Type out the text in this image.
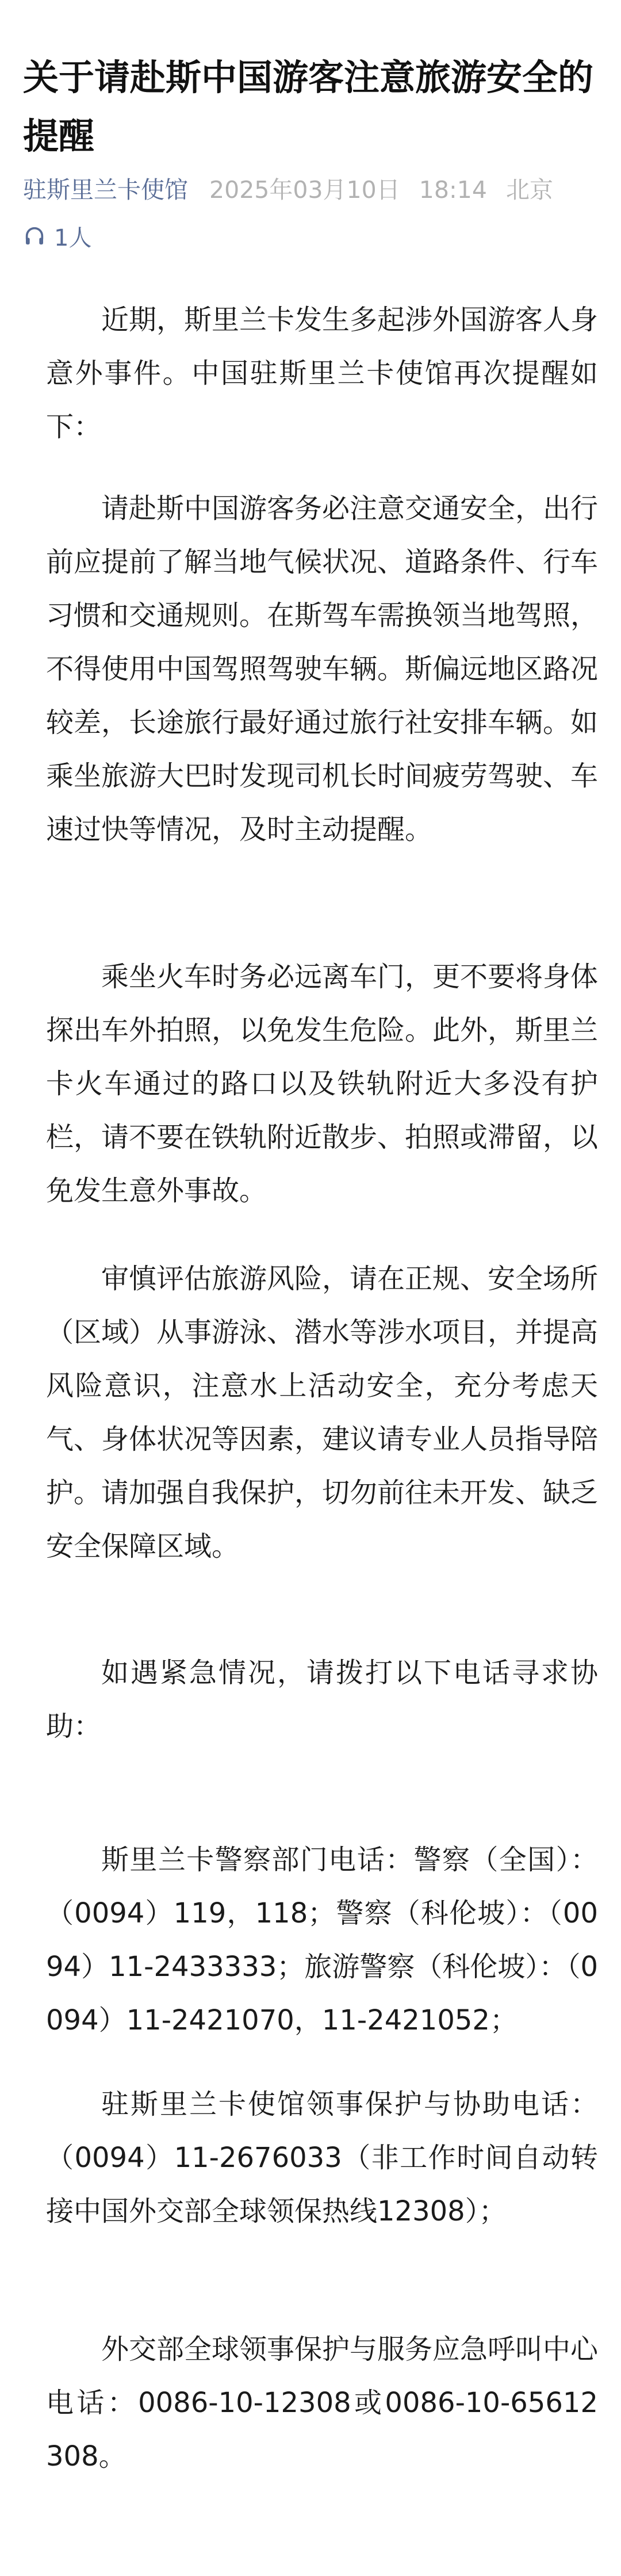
关于请赴斯中国游客注意旅游安全的提醒
驻斯里兰卡使馆 2025年03月10日 18:14 北京
1人

近期，斯里兰卡发生多起涉外国游客人身意外事件。中国驻斯里兰卡使馆再次提醒如下：

请赴斯中国游客务必注意交通安全，出行前应提前了解当地气候状况、道路条件、行车习惯和交通规则。在斯驾车需换领当地驾照，不得使用中国驾照驾驶车辆。斯偏远地区路况较差，长途旅行最好通过旅行社安排车辆。如乘坐旅游大巴时发现司机长时间疲劳驾驶、车速过快等情况，及时主动提醒。

乘坐火车时务必远离车门，更不要将身体探出车外拍照，以免发生危险。此外，斯里兰卡火车通过的路口以及铁轨附近大多没有护栏，请不要在铁轨附近散步、拍照或滞留，以免发生意外事故。

审慎评估旅游风险，请在正规、安全场所（区域）从事游泳、潜水等涉水项目，并提高风险意识，注意水上活动安全，充分考虑天气、身体状况等因素，建议请专业人员指导陪护。请加强自我保护，切勿前往未开发、缺乏安全保障区域。

如遇紧急情况，请拨打以下电话寻求协助：

斯里兰卡警察部门电话：警察（全国）：（0094）119，118；警察（科伦坡）：（0094）11-2433333；旅游警察（科伦坡）：（0094）11-2421070，11-2421052；

驻斯里兰卡使馆领事保护与协助电话：（0094）11-2676033（非工作时间自动转接中国外交部全球领保热线12308）；

外交部全球领事保护与服务应急呼叫中心电话：0086-10-12308或0086-10-65612308。
